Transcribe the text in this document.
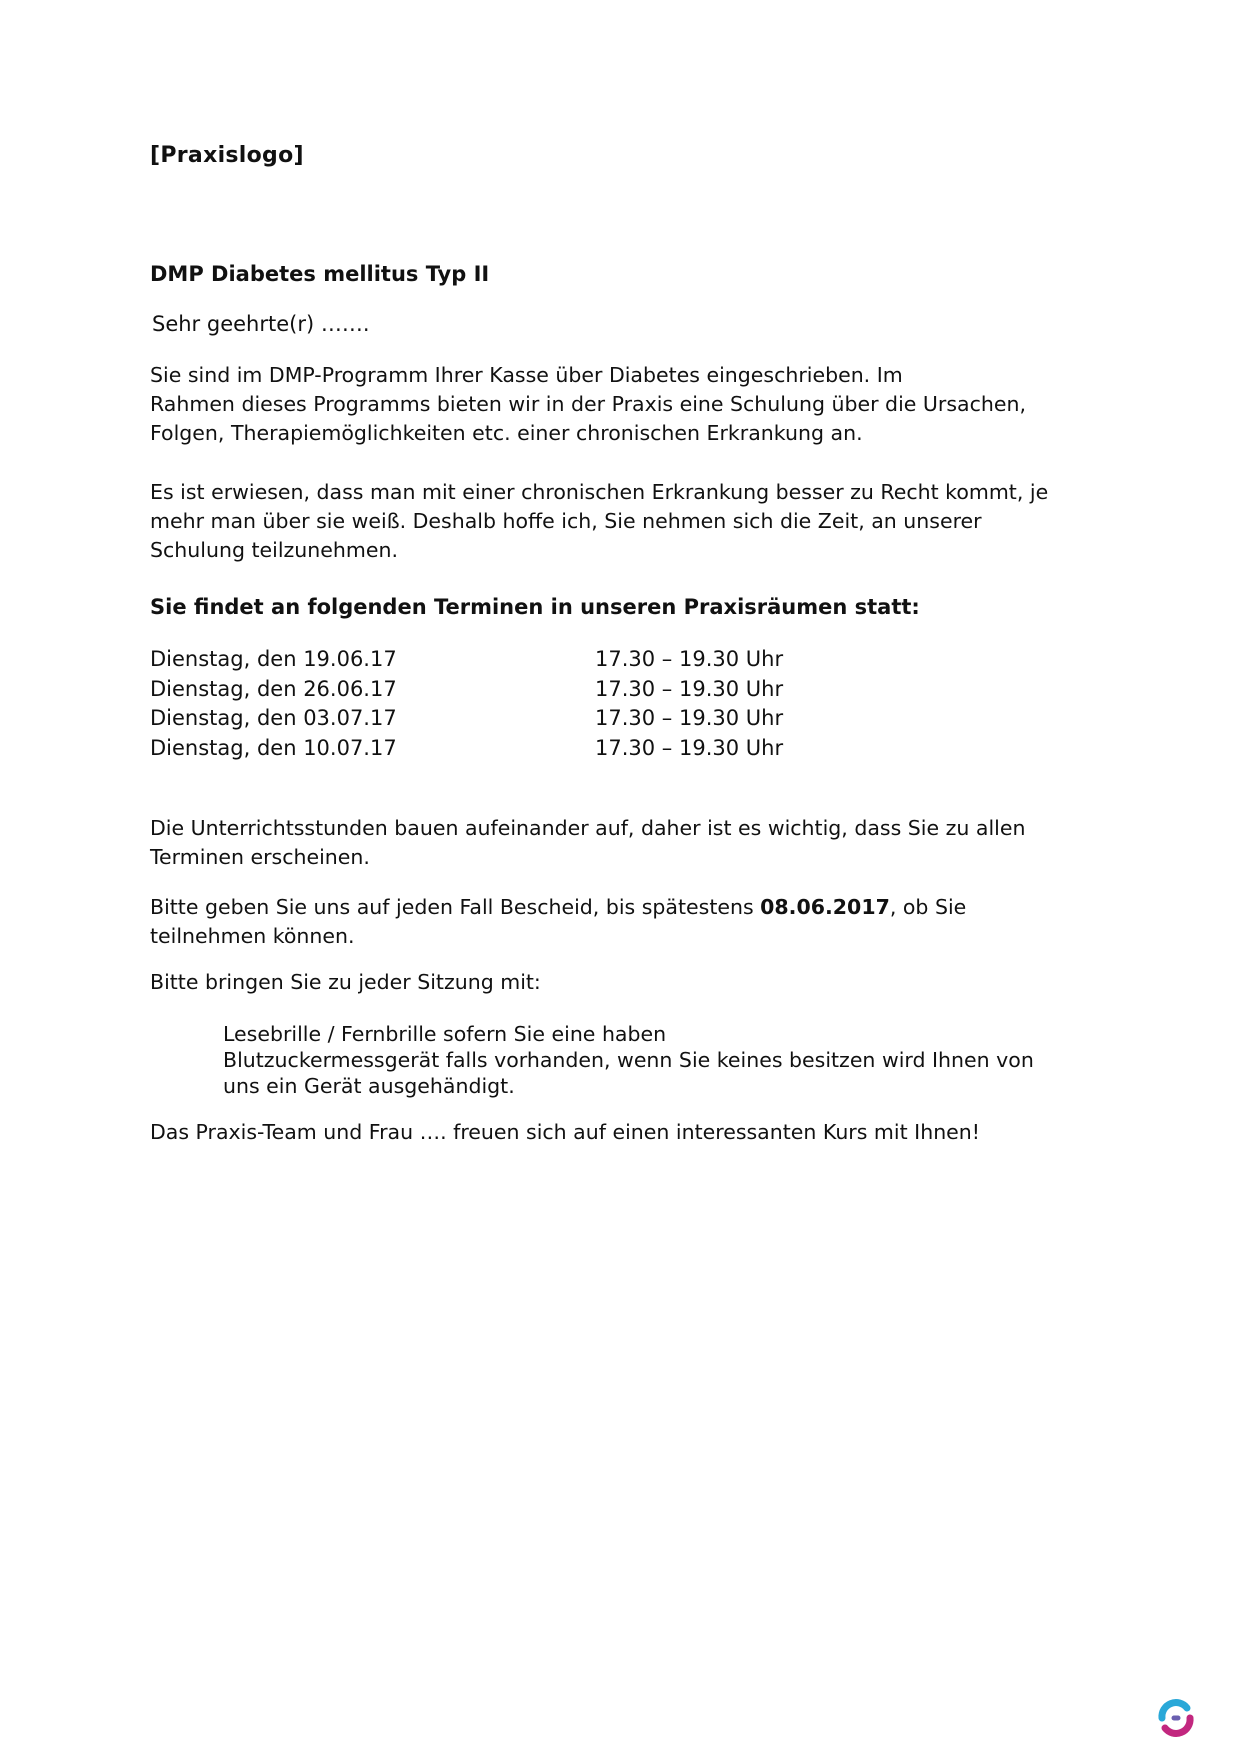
[Praxislogo]
DMP Diabetes mellitus Typ II
Sehr geehrte(r) …….

Sie sind im DMP-Programm Ihrer Kasse über Diabetes eingeschrieben. Im
Rahmen dieses Programms bieten wir in der Praxis eine Schulung über die Ursachen,
Folgen, Therapiemöglichkeiten etc. einer chronischen Erkrankung an.

Es ist erwiesen, dass man mit einer chronischen Erkrankung besser zu Recht kommt, je
mehr man über sie weiß. Deshalb hoffe ich, Sie nehmen sich die Zeit, an unserer
Schulung teilzunehmen.

Sie findet an folgenden Terminen in unseren Praxisräumen statt:
Dienstag, den 19.06.17	17.30 – 19.30 Uhr
Dienstag, den 26.06.17	17.30 – 19.30 Uhr
Dienstag, den 03.07.17	17.30 – 19.30 Uhr
Dienstag, den 10.07.17	17.30 – 19.30 Uhr

Die Unterrichtsstunden bauen aufeinander auf, daher ist es wichtig, dass Sie zu allen
Terminen erscheinen.

Bitte geben Sie uns auf jeden Fall Bescheid, bis spätestens 08.06.2017, ob Sie
teilnehmen können.

Bitte bringen Sie zu jeder Sitzung mit:
Lesebrille / Fernbrille sofern Sie eine haben
Blutzuckermessgerät falls vorhanden, wenn Sie keines besitzen wird Ihnen von
uns ein Gerät ausgehändigt.
Das Praxis-Team und Frau …. freuen sich auf einen interessanten Kurs mit Ihnen!
